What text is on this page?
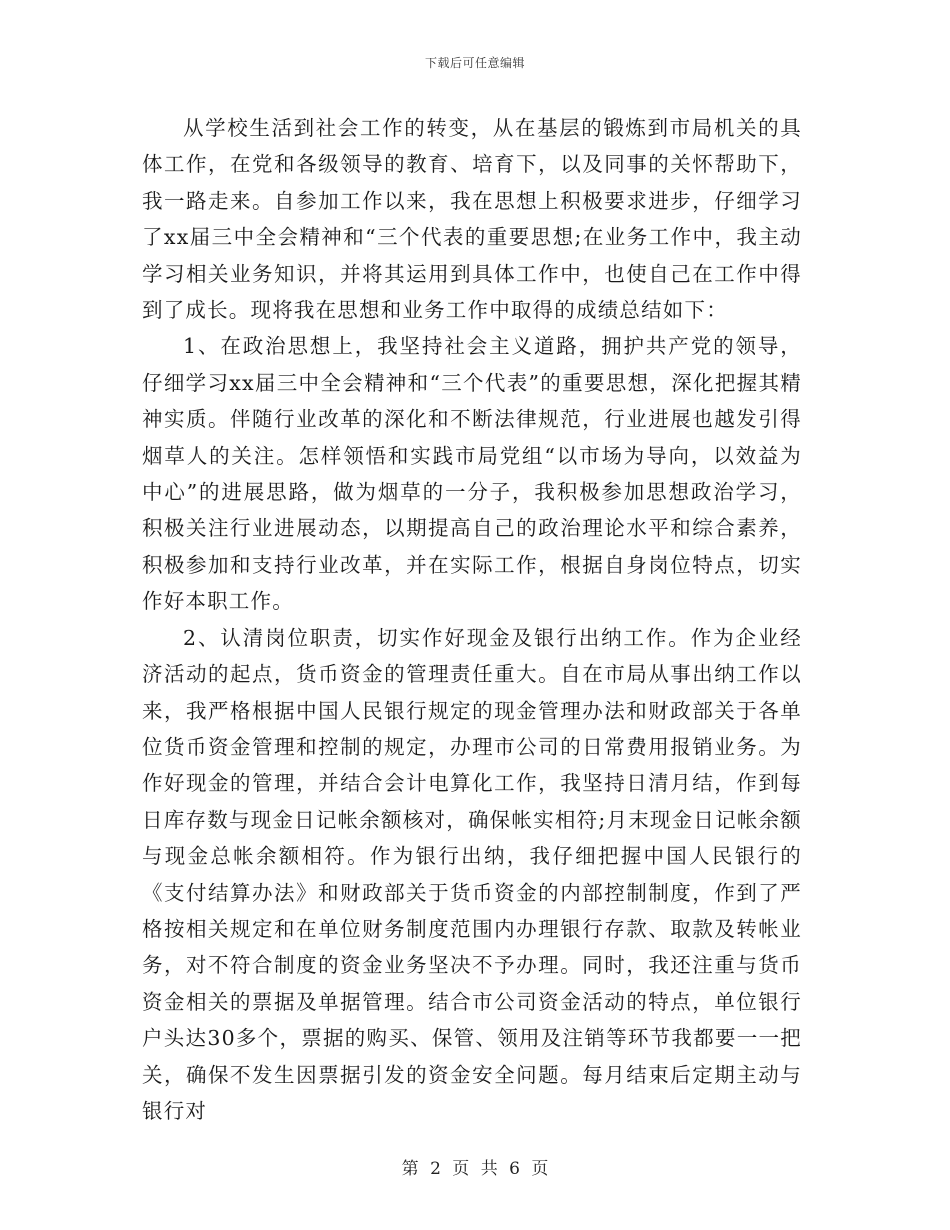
下载后可任意编辑

从学校生活到社会工作的转变，从在基层的锻炼到市局机关的具体工作，在党和各级领导的教育、培育下，以及同事的关怀帮助下，我一路走来。自参加工作以来，我在思想上积极要求进步，仔细学习了xx届三中全会精神和“三个代表的重要思想;在业务工作中，我主动学习相关业务知识，并将其运用到具体工作中，也使自己在工作中得到了成长。现将我在思想和业务工作中取得的成绩总结如下：

1、在政治思想上，我坚持社会主义道路，拥护共产党的领导，仔细学习xx届三中全会精神和“三个代表”的重要思想，深化把握其精神实质。伴随行业改革的深化和不断法律规范，行业进展也越发引得烟草人的关注。怎样领悟和实践市局党组“以市场为导向，以效益为中心”的进展思路，做为烟草的一分子，我积极参加思想政治学习，积极关注行业进展动态，以期提高自己的政治理论水平和综合素养，积极参加和支持行业改革，并在实际工作，根据自身岗位特点，切实作好本职工作。

2、认清岗位职责，切实作好现金及银行出纳工作。作为企业经济活动的起点，货币资金的管理责任重大。自在市局从事出纳工作以来，我严格根据中国人民银行规定的现金管理办法和财政部关于各单位货币资金管理和控制的规定，办理市公司的日常费用报销业务。为作好现金的管理，并结合会计电算化工作，我坚持日清月结，作到每日库存数与现金日记帐余额核对，确保帐实相符;月末现金日记帐余额与现金总帐余额相符。作为银行出纳，我仔细把握中国人民银行的《支付结算办法》和财政部关于货币资金的内部控制制度，作到了严格按相关规定和在单位财务制度范围内办理银行存款、取款及转帐业务，对不符合制度的资金业务坚决不予办理。同时，我还注重与货币资金相关的票据及单据管理。结合市公司资金活动的特点，单位银行户头达30多个，票据的购买、保管、领用及注销等环节我都要一一把关，确保不发生因票据引发的资金安全问题。每月结束后定期主动与银行对

第 2 页 共 6 页
